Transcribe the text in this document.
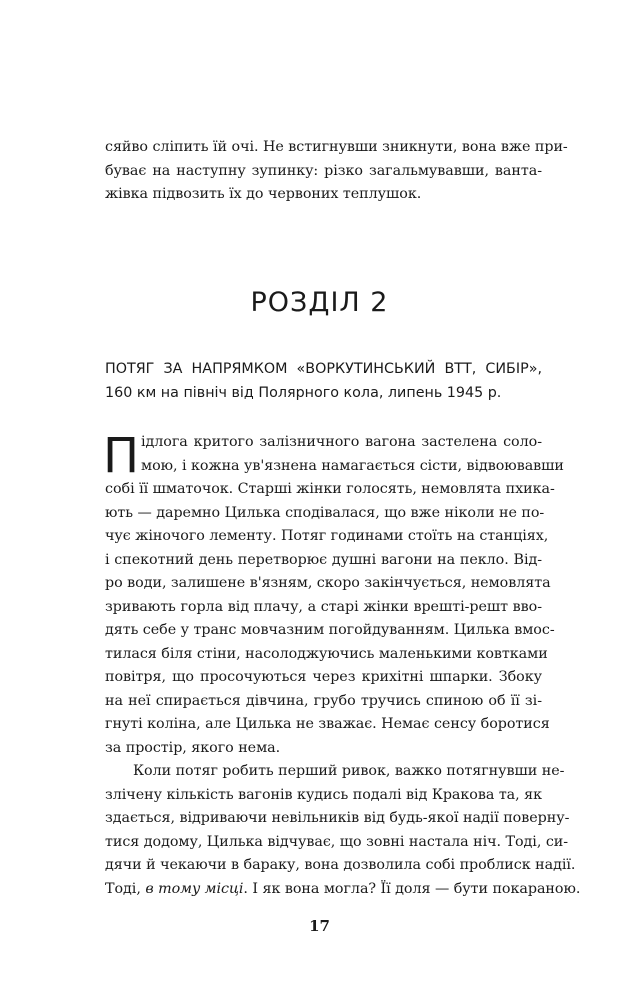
сяйво сліпить їй очі. Не встигнувши зникнути, вона вже при-

буває на наступну зупинку: різко загальмувавши, ванта-

жівка підвозить їх до червоних теплушок.

РОЗДІЛ 2

ПОТЯГ ЗА НАПРЯМКОМ «ВОРКУТИНСЬКИЙ ВТТ, СИБІР»,

160 км на північ від Полярного кола, липень 1945 р.

П ідлога критого залізничного вагона застелена соло-

мою, і кожна ув'язнена намагається сісти, відвоювавши

собі її шматочок. Старші жінки голосять, немовлята пхика-

ють — даремно Цилька сподівалася, що вже ніколи не по-

чує жіночого лементу. Потяг годинами стоїть на станціях,

і спекотний день перетворює душні вагони на пекло. Від-

ро води, залишене в'язням, скоро закінчується, немовлята

зривають горла від плачу, а старі жінки врешті-решт вво-

дять себе у транс мовчазним погойдуванням. Цилька вмос-

тилася біля стіни, насолоджуючись маленькими ковтками

повітря, що просочуються через крихітні шпарки. Збоку

на неї спирається дівчина, грубо тручись спиною об її зі-

гнуті коліна, але Цилька не зважає. Немає сенсу боротися

за простір, якого нема.

Коли потяг робить перший ривок, важко потягнувши не-

злічену кількість вагонів кудись подалі від Кракова та, як

здається, відриваючи невільників від будь-якої надії поверну-

тися додому, Цилька відчуває, що зовні настала ніч. Тоді, си-

дячи й чекаючи в бараку, вона дозволила собі проблиск надії.

Тоді, в тому місці. І як вона могла? Її доля — бути покараною.

17
